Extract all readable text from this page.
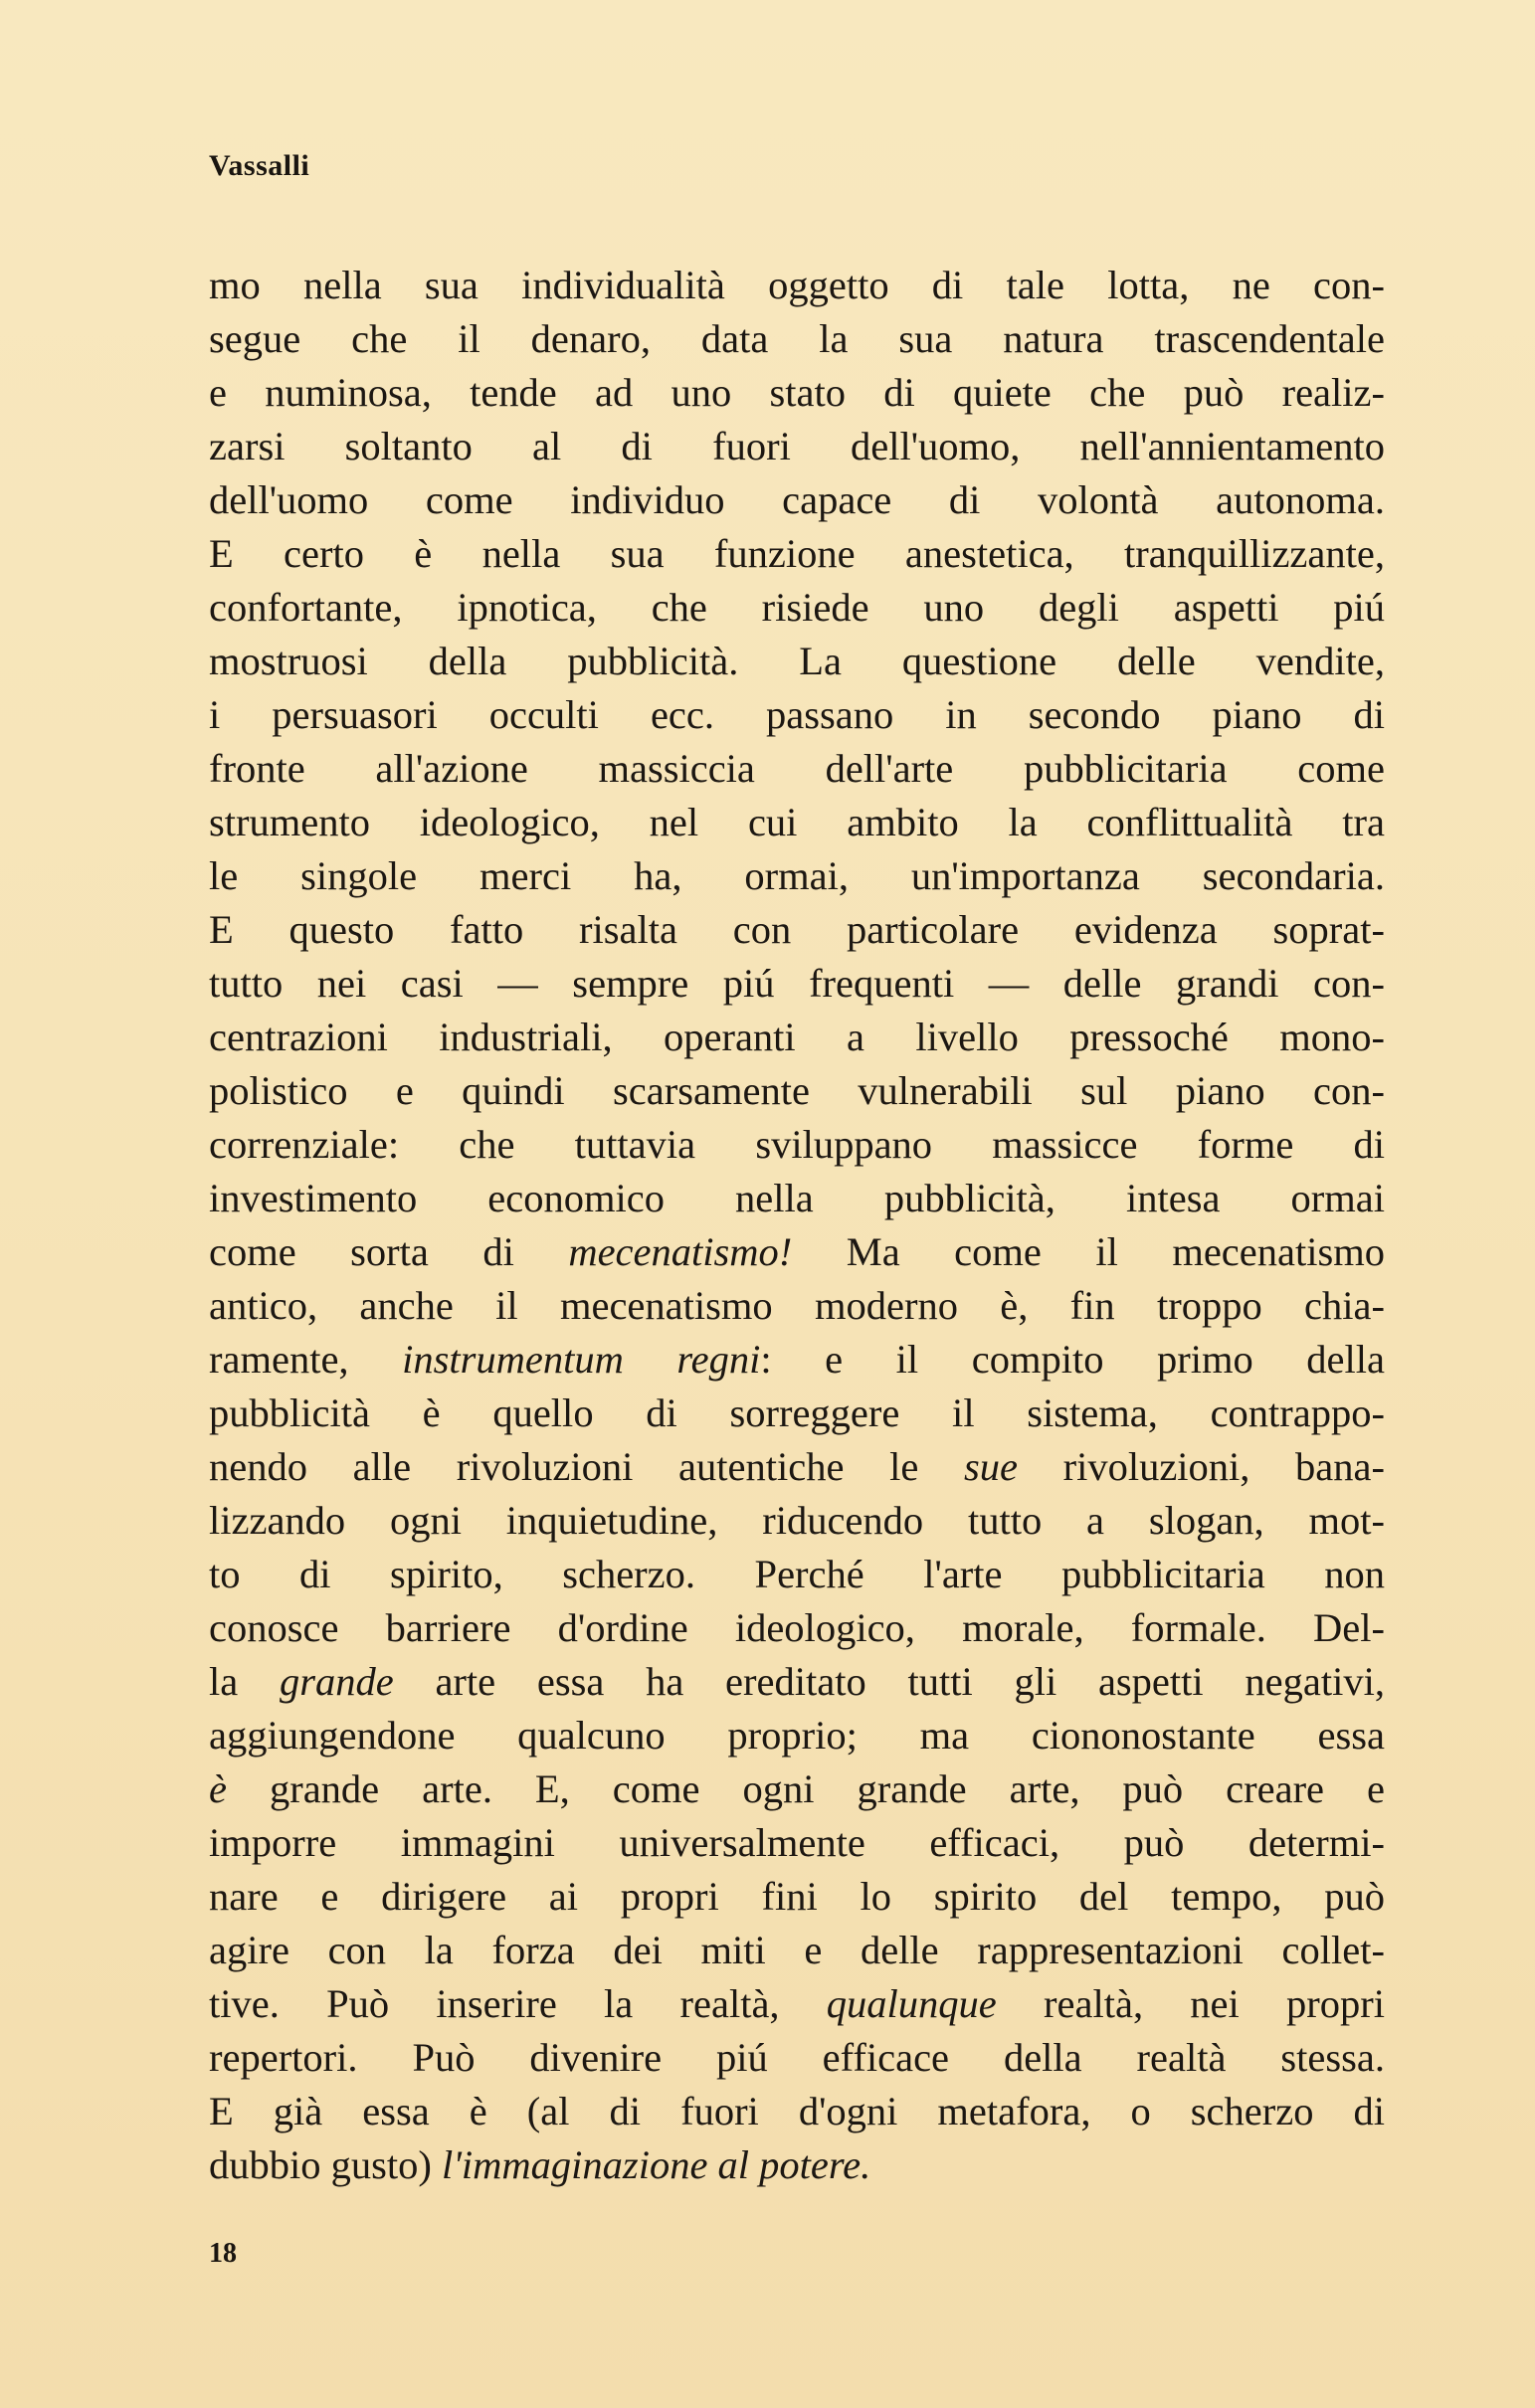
Vassalli
mo nella sua individualità oggetto di tale lotta, ne con-
segue che il denaro, data la sua natura trascendentale
e numinosa, tende ad uno stato di quiete che può realiz-
zarsi soltanto al di fuori dell'uomo, nell'annientamento
dell'uomo come individuo capace di volontà autonoma.
E certo è nella sua funzione anestetica, tranquillizzante,
confortante, ipnotica, che risiede uno degli aspetti piú
mostruosi della pubblicità. La questione delle vendite,
i persuasori occulti ecc. passano in secondo piano di
fronte all'azione massiccia dell'arte pubblicitaria come
strumento ideologico, nel cui ambito la conflittualità tra
le singole merci ha, ormai, un'importanza secondaria.
E questo fatto risalta con particolare evidenza soprat-
tutto nei casi — sempre piú frequenti — delle grandi con-
centrazioni industriali, operanti a livello pressoché mono-
polistico e quindi scarsamente vulnerabili sul piano con-
correnziale: che tuttavia sviluppano massicce forme di
investimento economico nella pubblicità, intesa ormai
come sorta di mecenatismo! Ma come il mecenatismo
antico, anche il mecenatismo moderno è, fin troppo chia-
ramente, instrumentum regni: e il compito primo della
pubblicità è quello di sorreggere il sistema, contrappo-
nendo alle rivoluzioni autentiche le sue rivoluzioni, bana-
lizzando ogni inquietudine, riducendo tutto a slogan, mot-
to di spirito, scherzo. Perché l'arte pubblicitaria non
conosce barriere d'ordine ideologico, morale, formale. Del-
la grande arte essa ha ereditato tutti gli aspetti negativi,
aggiungendone qualcuno proprio; ma ciononostante essa
è grande arte. E, come ogni grande arte, può creare e
imporre immagini universalmente efficaci, può determi-
nare e dirigere ai propri fini lo spirito del tempo, può
agire con la forza dei miti e delle rappresentazioni collet-
tive. Può inserire la realtà, qualunque realtà, nei propri
repertori. Può divenire piú efficace della realtà stessa.
E già essa è (al di fuori d'ogni metafora, o scherzo di
dubbio gusto) l'immaginazione al potere.
18
